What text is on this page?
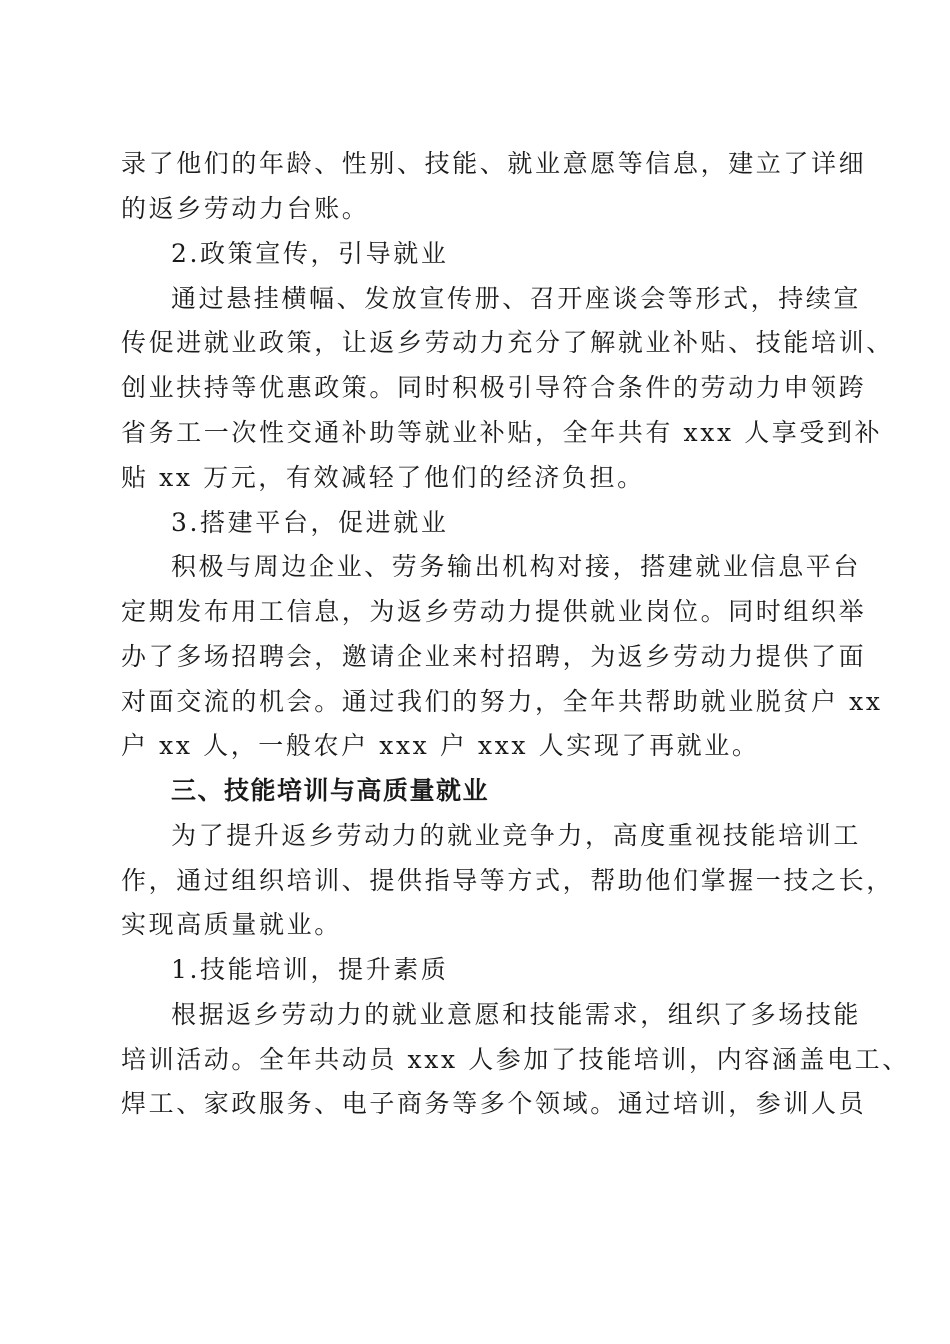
录了他们的年龄、性别、技能、就业意愿等信息，建立了详细
的返乡劳动力台账。
2.政策宣传，引导就业
通过悬挂横幅、发放宣传册、召开座谈会等形式，持续宣
传促进就业政策，让返乡劳动力充分了解就业补贴、技能培训、
创业扶持等优惠政策。同时积极引导符合条件的劳动力申领跨
省务工一次性交通补助等就业补贴，全年共有 xxx 人享受到补
贴 xx 万元，有效减轻了他们的经济负担。
3.搭建平台，促进就业
积极与周边企业、劳务输出机构对接，搭建就业信息平台
定期发布用工信息，为返乡劳动力提供就业岗位。同时组织举
办了多场招聘会，邀请企业来村招聘，为返乡劳动力提供了面
对面交流的机会。通过我们的努力，全年共帮助就业脱贫户 xx
户 xx 人，一般农户 xxx 户 xxx 人实现了再就业。
三、技能培训与高质量就业
为了提升返乡劳动力的就业竞争力，高度重视技能培训工
作，通过组织培训、提供指导等方式，帮助他们掌握一技之长，
实现高质量就业。
1.技能培训，提升素质
根据返乡劳动力的就业意愿和技能需求，组织了多场技能
培训活动。全年共动员 xxx 人参加了技能培训，内容涵盖电工、
焊工、家政服务、电子商务等多个领域。通过培训，参训人员
